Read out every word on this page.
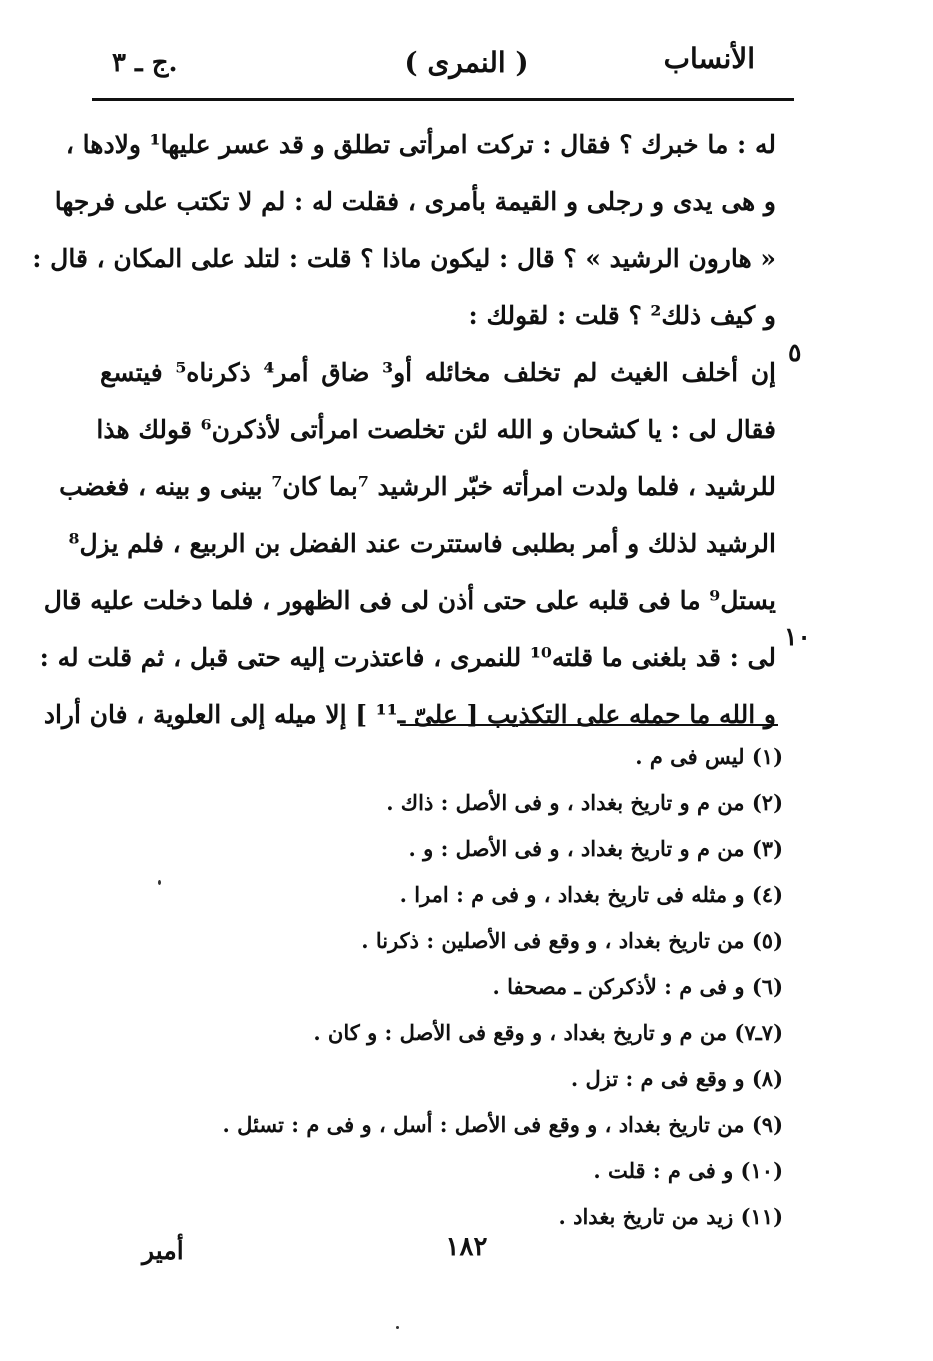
الأنساب
( النمرى )
ج ـ ٣.
له : ما خبرك ؟ فقال : تركت امرأتى تطلق و قد عسر عليها¹ ولادها ،
و هى يدى و رجلى و القيمة بأمرى ، فقلت له : لم لا تكتب على فرجها
« هارون الرشيد » ؟ قال : ليكون ماذا ؟ قلت : لتلد على المكان ، قال :
و كيف ذلك² ؟ قلت : لقولك :
إن أخلف الغيث لم تخلف مخائله أو³ ضاق أمر⁴ ذكرناه⁵ فيتسع
فقال لى : يا كشحان و الله لئن تخلصت امرأتى لأذكرن⁶ قولك هذا
للرشيد ، فلما ولدت امرأته خبّر الرشيد ⁷بما كان⁷ بينى و بينه ، فغضب
الرشيد لذلك و أمر بطلبى فاستترت عند الفضل بن الربيع ، فلم يزل⁸
يستل⁹ ما فى قلبه على حتى أذن لى فى الظهور ، فلما دخلت عليه قال
لى : قد بلغنى ما قلته¹⁰ للنمرى ، فاعتذرت إليه حتى قبل ، ثم قلت له :
و الله ما حمله على التكذيب [ علىّ ـ¹¹ ] إلا ميله إلى العلوية ، فان أراد
٥
١٠
(١) ليس فى م .
(٢) من م و تاريخ بغداد ، و فى الأصل : ذاك .
(٣) من م و تاريخ بغداد ، و فى الأصل : و .
(٤) و مثله فى تاريخ بغداد ، و فى م : امرا .
(٥) من تاريخ بغداد ، و وقع فى الأصلين : ذكرنا .
(٦) و فى م : لأذكركن ـ مصحفا .
(٧ـ٧) من م و تاريخ بغداد ، و وقع فى الأصل : و كان .
(٨) و وقع فى م : تزل .
(٩) من تاريخ بغداد ، و وقع فى الأصل : أسل ، و فى م : تسئل .
(١٠) و فى م : قلت .
(١١) زيد من تاريخ بغداد .
١٨٢
أمير
